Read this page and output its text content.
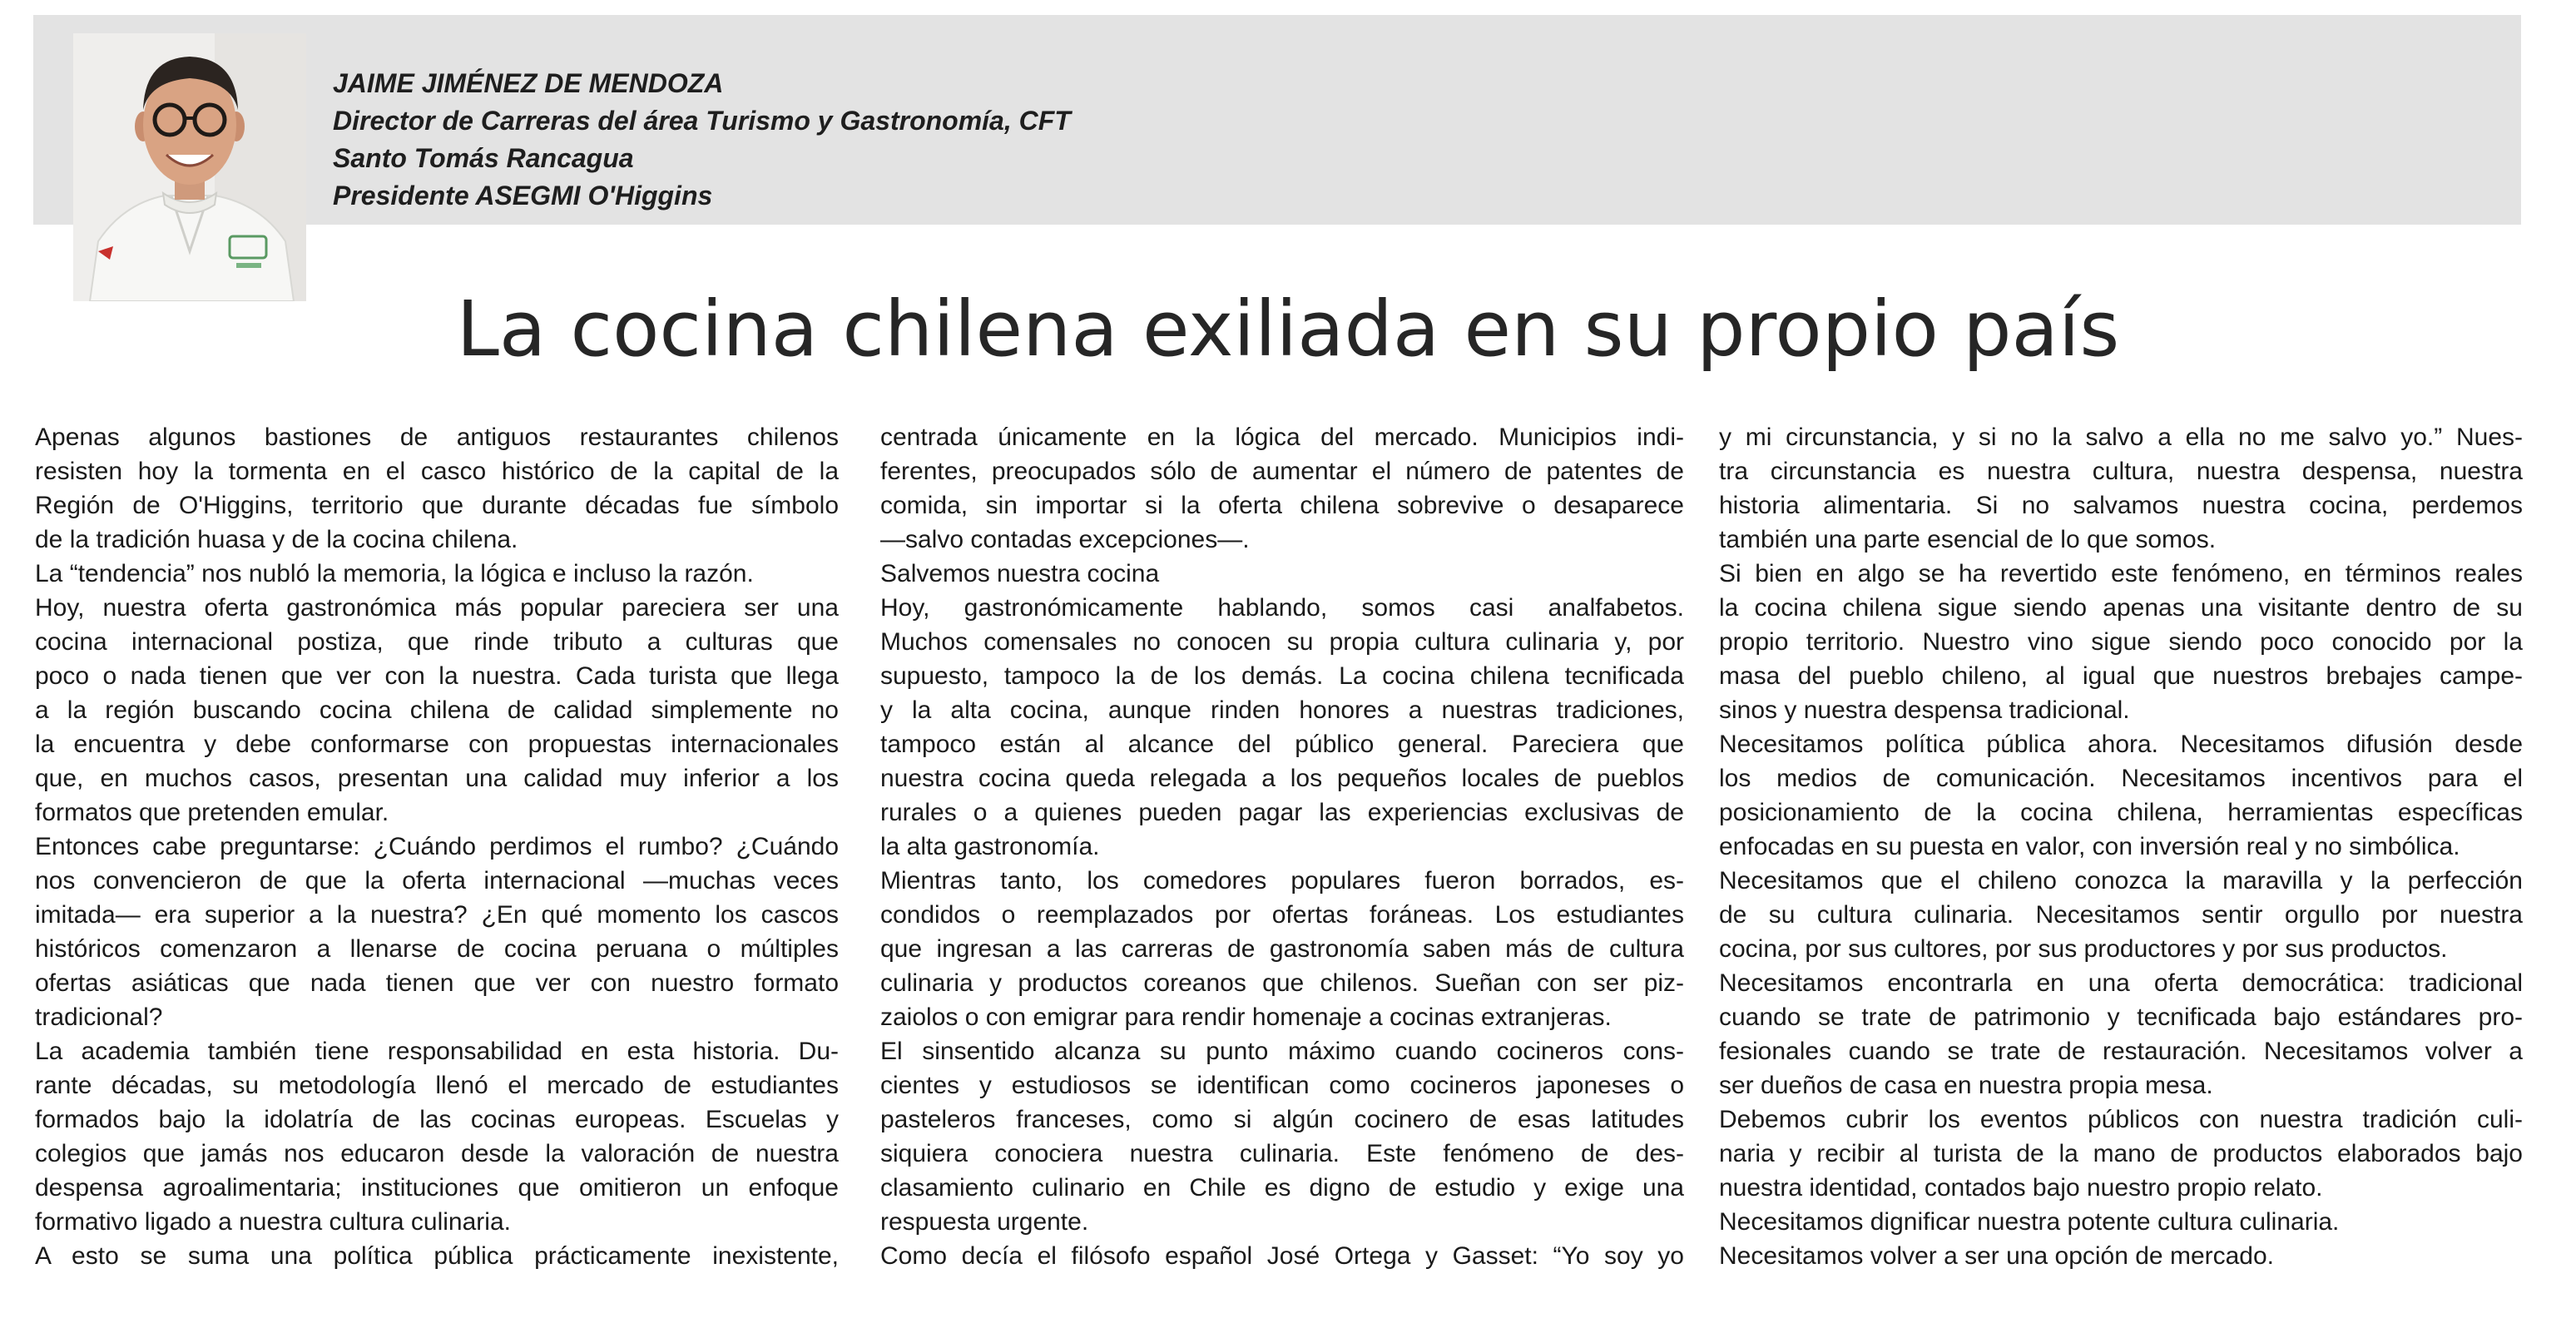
JAIME JIMÉNEZ DE MENDOZA
Director de Carreras del área Turismo y Gastronomía, CFT
Santo Tomás Rancagua
Presidente ASEGMI O'Higgins
La cocina chilena exiliada en su propio país
Apenas algunos bastiones de antiguos restaurantes chilenos
resisten hoy la tormenta en el casco histórico de la capital de la
Región de O'Higgins, territorio que durante décadas fue símbolo
de la tradición huasa y de la cocina chilena.
La “tendencia” nos nubló la memoria, la lógica e incluso la razón.
Hoy, nuestra oferta gastronómica más popular pareciera ser una
cocina internacional postiza, que rinde tributo a culturas que
poco o nada tienen que ver con la nuestra. Cada turista que llega
a la región buscando cocina chilena de calidad simplemente no
la encuentra y debe conformarse con propuestas internacionales
que, en muchos casos, presentan una calidad muy inferior a los
formatos que pretenden emular.
Entonces cabe preguntarse: ¿Cuándo perdimos el rumbo? ¿Cuándo
nos convencieron de que la oferta internacional —muchas veces
imitada— era superior a la nuestra? ¿En qué momento los cascos
históricos comenzaron a llenarse de cocina peruana o múltiples
ofertas asiáticas que nada tienen que ver con nuestro formato
tradicional?
La academia también tiene responsabilidad en esta historia. Du-
rante décadas, su metodología llenó el mercado de estudiantes
formados bajo la idolatría de las cocinas europeas. Escuelas y
colegios que jamás nos educaron desde la valoración de nuestra
despensa agroalimentaria; instituciones que omitieron un enfoque
formativo ligado a nuestra cultura culinaria.
A esto se suma una política pública prácticamente inexistente,
centrada únicamente en la lógica del mercado. Municipios indi-
ferentes, preocupados sólo de aumentar el número de patentes de
comida, sin importar si la oferta chilena sobrevive o desaparece
—salvo contadas excepciones—.
Salvemos nuestra cocina
Hoy, gastronómicamente hablando, somos casi analfabetos.
Muchos comensales no conocen su propia cultura culinaria y, por
supuesto, tampoco la de los demás. La cocina chilena tecnificada
y la alta cocina, aunque rinden honores a nuestras tradiciones,
tampoco están al alcance del público general. Pareciera que
nuestra cocina queda relegada a los pequeños locales de pueblos
rurales o a quienes pueden pagar las experiencias exclusivas de
la alta gastronomía.
Mientras tanto, los comedores populares fueron borrados, es-
condidos o reemplazados por ofertas foráneas. Los estudiantes
que ingresan a las carreras de gastronomía saben más de cultura
culinaria y productos coreanos que chilenos. Sueñan con ser piz-
zaiolos o con emigrar para rendir homenaje a cocinas extranjeras.
El sinsentido alcanza su punto máximo cuando cocineros cons-
cientes y estudiosos se identifican como cocineros japoneses o
pasteleros franceses, como si algún cocinero de esas latitudes
siquiera conociera nuestra culinaria. Este fenómeno de des-
clasamiento culinario en Chile es digno de estudio y exige una
respuesta urgente.
Como decía el filósofo español José Ortega y Gasset: “Yo soy yo
y mi circunstancia, y si no la salvo a ella no me salvo yo.” Nues-
tra circunstancia es nuestra cultura, nuestra despensa, nuestra
historia alimentaria. Si no salvamos nuestra cocina, perdemos
también una parte esencial de lo que somos.
Si bien en algo se ha revertido este fenómeno, en términos reales
la cocina chilena sigue siendo apenas una visitante dentro de su
propio territorio. Nuestro vino sigue siendo poco conocido por la
masa del pueblo chileno, al igual que nuestros brebajes campe-
sinos y nuestra despensa tradicional.
Necesitamos política pública ahora. Necesitamos difusión desde
los medios de comunicación. Necesitamos incentivos para el
posicionamiento de la cocina chilena, herramientas específicas
enfocadas en su puesta en valor, con inversión real y no simbólica.
Necesitamos que el chileno conozca la maravilla y la perfección
de su cultura culinaria. Necesitamos sentir orgullo por nuestra
cocina, por sus cultores, por sus productores y por sus productos.
Necesitamos encontrarla en una oferta democrática: tradicional
cuando se trate de patrimonio y tecnificada bajo estándares pro-
fesionales cuando se trate de restauración. Necesitamos volver a
ser dueños de casa en nuestra propia mesa.
Debemos cubrir los eventos públicos con nuestra tradición culi-
naria y recibir al turista de la mano de productos elaborados bajo
nuestra identidad, contados bajo nuestro propio relato.
Necesitamos dignificar nuestra potente cultura culinaria.
Necesitamos volver a ser una opción de mercado.
